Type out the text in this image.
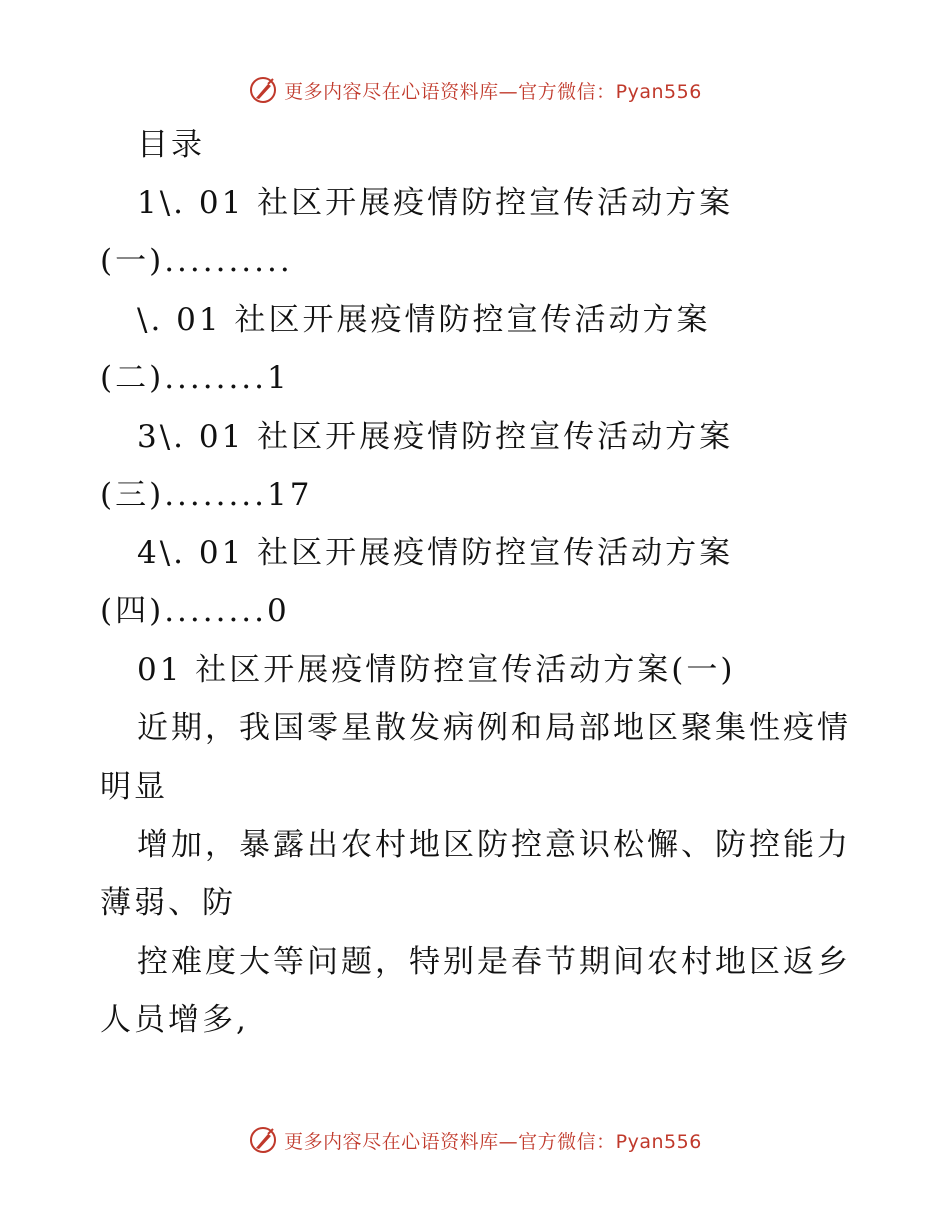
更多内容尽在心语资料库—官方微信：Pyan556
目录
1\. 01 社区开展疫情防控宣传活动方案
(一)..........
\. 01 社区开展疫情防控宣传活动方案
(二)........1
3\. 01 社区开展疫情防控宣传活动方案
(三)........17
4\. 01 社区开展疫情防控宣传活动方案
(四)........0
01 社区开展疫情防控宣传活动方案(一)
近期，我国零星散发病例和局部地区聚集性疫情
明显
增加，暴露出农村地区防控意识松懈、防控能力
薄弱、防
控难度大等问题，特别是春节期间农村地区返乡
人员增多,
更多内容尽在心语资料库—官方微信：Pyan556
